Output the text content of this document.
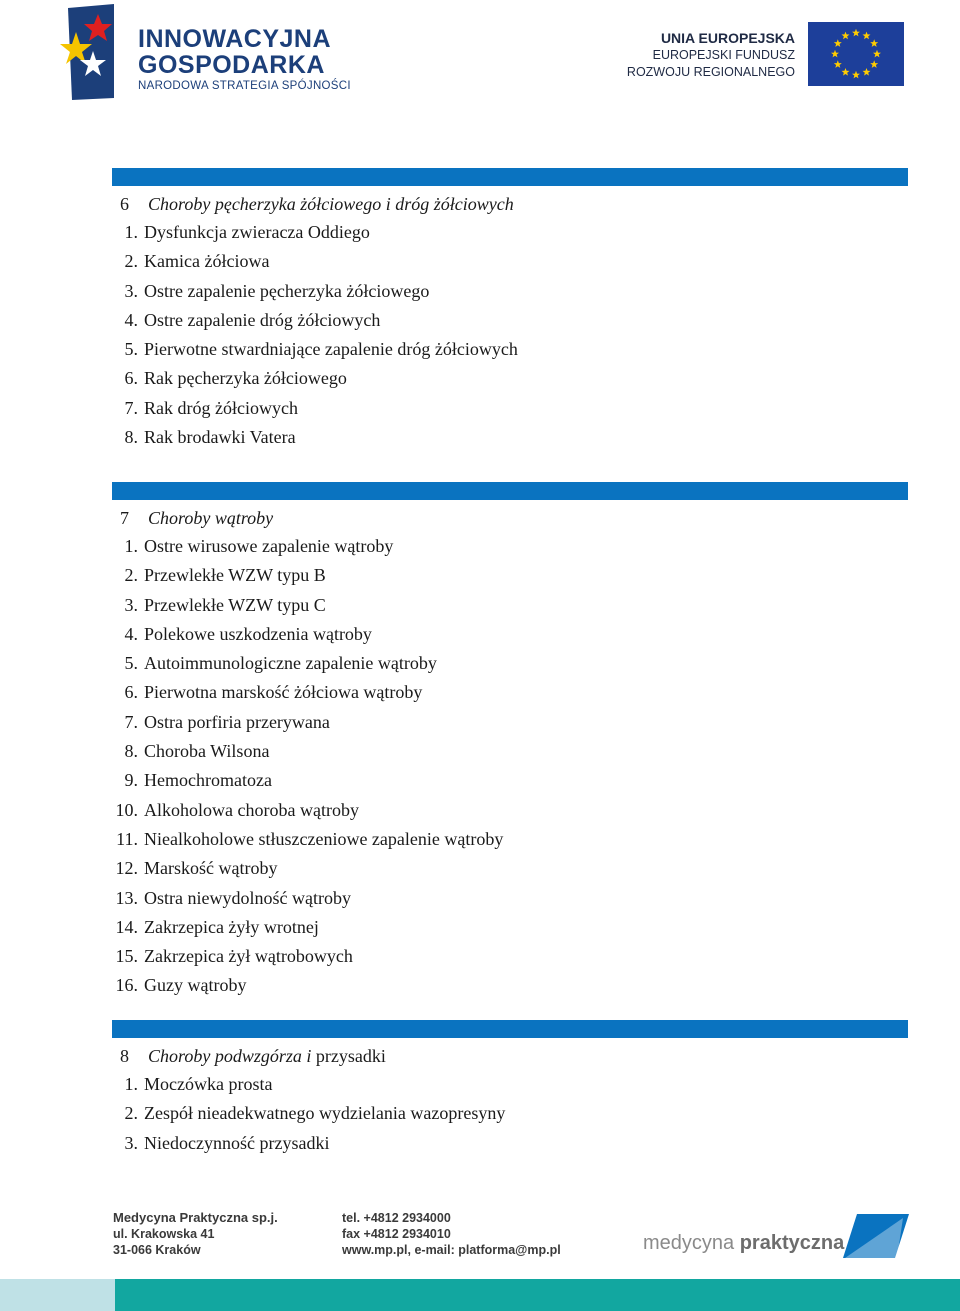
INNOWACYJNA
GOSPODARKA
NARODOWA STRATEGIA SPÓJNOŚCI
UNIA EUROPEJSKA
EUROPEJSKI FUNDUSZ
ROZWOJU REGIONALNEGO
6 Choroby pęcherzyka żółciowego i dróg żółciowych
1. Dysfunkcja zwieracza Oddiego
2. Kamica żółciowa
3. Ostre zapalenie pęcherzyka żółciowego
4. Ostre zapalenie dróg żółciowych
5. Pierwotne stwardniające zapalenie dróg żółciowych
6. Rak pęcherzyka żółciowego
7. Rak dróg żółciowych
8. Rak brodawki Vatera
7 Choroby wątroby
1. Ostre wirusowe zapalenie wątroby
2. Przewlekłe WZW typu B
3. Przewlekłe WZW typu C
4. Polekowe uszkodzenia wątroby
5. Autoimmunologiczne zapalenie wątroby
6. Pierwotna marskość żółciowa wątroby
7. Ostra porfiria przerywana
8. Choroba Wilsona
9. Hemochromatoza
10. Alkoholowa choroba wątroby
11. Niealkoholowe stłuszczeniowe zapalenie wątroby
12. Marskość wątroby
13. Ostra niewydolność wątroby
14. Zakrzepica żyły wrotnej
15. Zakrzepica żył wątrobowych
16. Guzy wątroby
8 Choroby podwzgórza i przysadki
1. Moczówka prosta
2. Zespół nieadekwatnego wydzielania wazopresyny
3. Niedoczynność przysadki
Medycyna Praktyczna sp.j.
ul. Krakowska 41
31-066 Kraków
tel. +4812 2934000
fax +4812 2934010
www.mp.pl, e-mail: platforma@mp.pl	medycyna praktyczna
